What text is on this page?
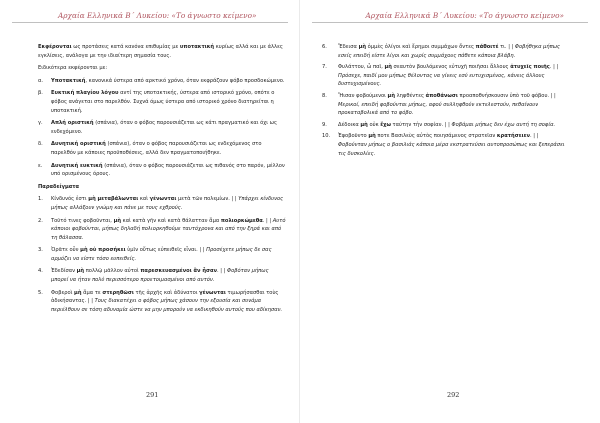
Αρχαία Ελληνικά Β΄ Λυκείου: «Το άγνωστο κείμενο»

Εκφέρονται ως προτάσεις κατά κανόνα επιθυμίας με υποτακτική κυρίως αλλά και με άλλες εγκλίσεις, ανάλογα με την ιδιαίτερη σημασία τους.

Ειδικότερα εκφέρονται με:

α. Υποτακτική, κανονικά ύστερα από αρκτικό χρόνο, όταν εκφράζουν φόβο προσδοκώμενο.
β. Ευκτική πλαγίου λόγου αντί της υποτακτικής, ύστερα από ιστορικό χρόνο, οπότε ο φόβος ανάγεται στο παρελθόν. Συχνά όμως ύστερα από ιστορικό χρόνο διατηρείται η υποτακτική.
γ. Απλή οριστική (σπάνια), όταν ο φόβος παρουσιάζεται ως κάτι πραγματικό και όχι ως ενδεχόμενο.
δ. Δυνητική οριστική (σπάνια), όταν ο φόβος παρουσιάζεται ως ενδεχόμενος στο παρελθόν με κάποιες προϋποθέσεις, αλλά δεν πραγματοποιήθηκε.
ε. Δυνητική ευκτική (σπάνια), όταν ο φόβος παρουσιάζεται ως πιθανός στο παρόν, μέλλον υπό ορισμένους όρους.
Παραδείγματα
1. Κίνδυνός ἐστι μὴ μεταβάλωνται καὶ γένωνται μετὰ τῶν πολεμίων. | | Υπάρχει κίνδυνος μήπως αλλάξουν γνώμη και πάνε με τους εχθρούς.
2. Τοῦτό τινες φοβοῦνται, μὴ καὶ κατὰ γῆν καὶ κατὰ θάλατταν ἅμα πολιορκώμεθα. | | Αυτό κάποιοι φοβούνται, μήπως δηλαδή πολιορκηθούμε ταυτόχρονα και από την ξηρά και από τη θάλασσα.
3. Ὁρᾶτε οὖν μὴ οὐ προσήκει ὑμῖν οὔτως εὐπειθεῖς εἶναι. | | Προσέχετε μήπως δε σας αρμόζει να είστε τόσο ευπειθείς.
4. Ἐδεδίσαν μὴ πολλῷ μᾶλλον αὐτοὶ παρεσκευασμένοι ἂν ἦσαν. | | Φοβόταν μήπως μπορεί να ήταν πολύ περισσότερο προετοιμασμένοι από αυτόν.
5. Φοβεροὶ μὴ ἅμα τε στερηθῶσι τῆς ἀρχῆς καὶ ἀδύνατοι γένωνται τιμωρήσασθαι τοὺς ἀδικήσαντας. | | Τους διακατέχει ο φόβος μήπως χάσουν την εξουσία και συνάμα περιέλθουν σε τόση αδυναμία ώστε να μην μπορούν να εκδικηθούν αυτούς που αδίκησαν.
291
Αρχαία Ελληνικά Β΄ Λυκείου: «Το άγνωστο κείμενο»
6. Ἔδεισα μὴ ὀμμὲς ὀλίγοι καὶ ἔρημοι συμμάχων ὄντες πάθοιτέ τι. | | Φοβήθηκα μήπως εσείς επειδή είστε λίγοι και χωρίς συμμάχους πάθετε κάποια βλάβη.
7. Φυλάττου, ὦ παῖ, μὴ σεαυτὸν βουλόμενος εὐτυχῆ ποιῆσαι ἄλλους ἀτυχεῖς ποιῆς. | | Πρόσεχε, παιδί μου μήπως θέλοντας να γίνεις εσύ ευτυχισμένος, κάνεις άλλους δυστυχισμένους.
8. Ἤισαν φοβούμενοι μὴ ληφθέντες ἀποθάνωσι προαποθνήσκουσιν ὑπὸ τοῦ φόβου. | | Μερικοί, επειδή φοβούνται μήπως, αφού συλληφθούν εκτελεστούν, πεθαίνουν πρoκαταβολικά από το φόβο.
9. Δέδοικα μὴ οὐκ ἔχω ταύτην τὴν σοφίαν. | | Φοβάμαι μήπως δεν έχω αυτή τη σοφία.
10. Ἐφοβοῦντο μὴ ποτε Βασιλεὺς αὐτὸς ποιησάμενος στρατεῖαν κρατήσειεν. | | Φοβούνταν μήπως ο βασιλιάς κάποια μέρα εκστρατεύσει αυτοπροσώπως και ξεπεράσει τις δυσκολίες.
292
